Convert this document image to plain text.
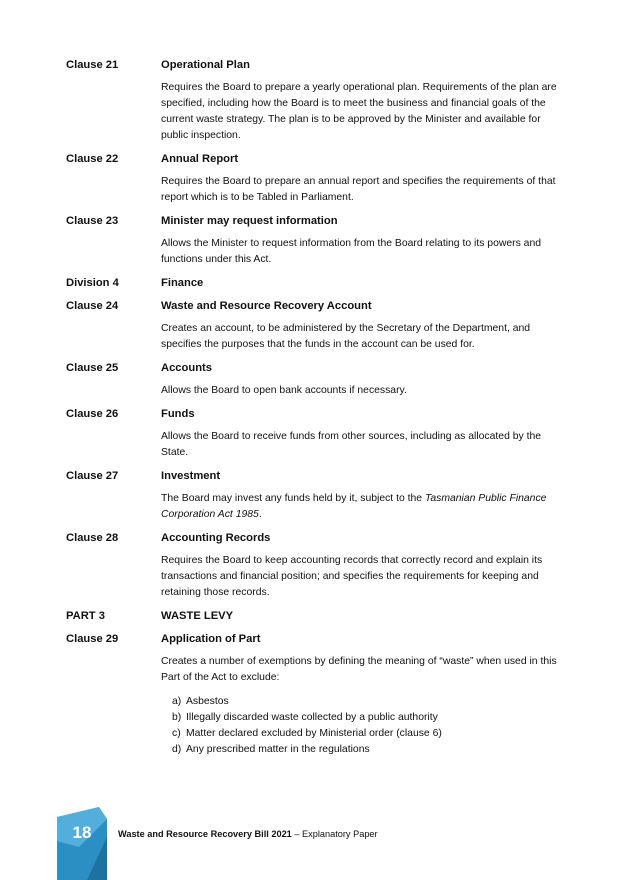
Clause 21	Operational Plan
Requires the Board to prepare a yearly operational plan. Requirements of the plan are specified, including how the Board is to meet the business and financial goals of the current waste strategy. The plan is to be approved by the Minister and available for public inspection.
Clause 22	Annual Report
Requires the Board to prepare an annual report and specifies the requirements of that report which is to be Tabled in Parliament.
Clause 23	Minister may request information
Allows the Minister to request information from the Board relating to its powers and functions under this Act.
Division 4	Finance
Clause 24	Waste and Resource Recovery Account
Creates an account, to be administered by the Secretary of the Department, and specifies the purposes that the funds in the account can be used for.
Clause 25	Accounts
Allows the Board to open bank accounts if necessary.
Clause 26	Funds
Allows the Board to receive funds from other sources, including as allocated by the State.
Clause 27	Investment
The Board may invest any funds held by it, subject to the Tasmanian Public Finance Corporation Act 1985.
Clause 28	Accounting Records
Requires the Board to keep accounting records that correctly record and explain its transactions and financial position; and specifies the requirements for keeping and retaining those records.
PART 3	WASTE LEVY
Clause 29	Application of Part
Creates a number of exemptions by defining the meaning of “waste” when used in this Part of the Act to exclude:
a) Asbestos
b) Illegally discarded waste collected by a public authority
c) Matter declared excluded by Ministerial order (clause 6)
d) Any prescribed matter in the regulations
18	Waste and Resource Recovery Bill 2021 – Explanatory Paper
